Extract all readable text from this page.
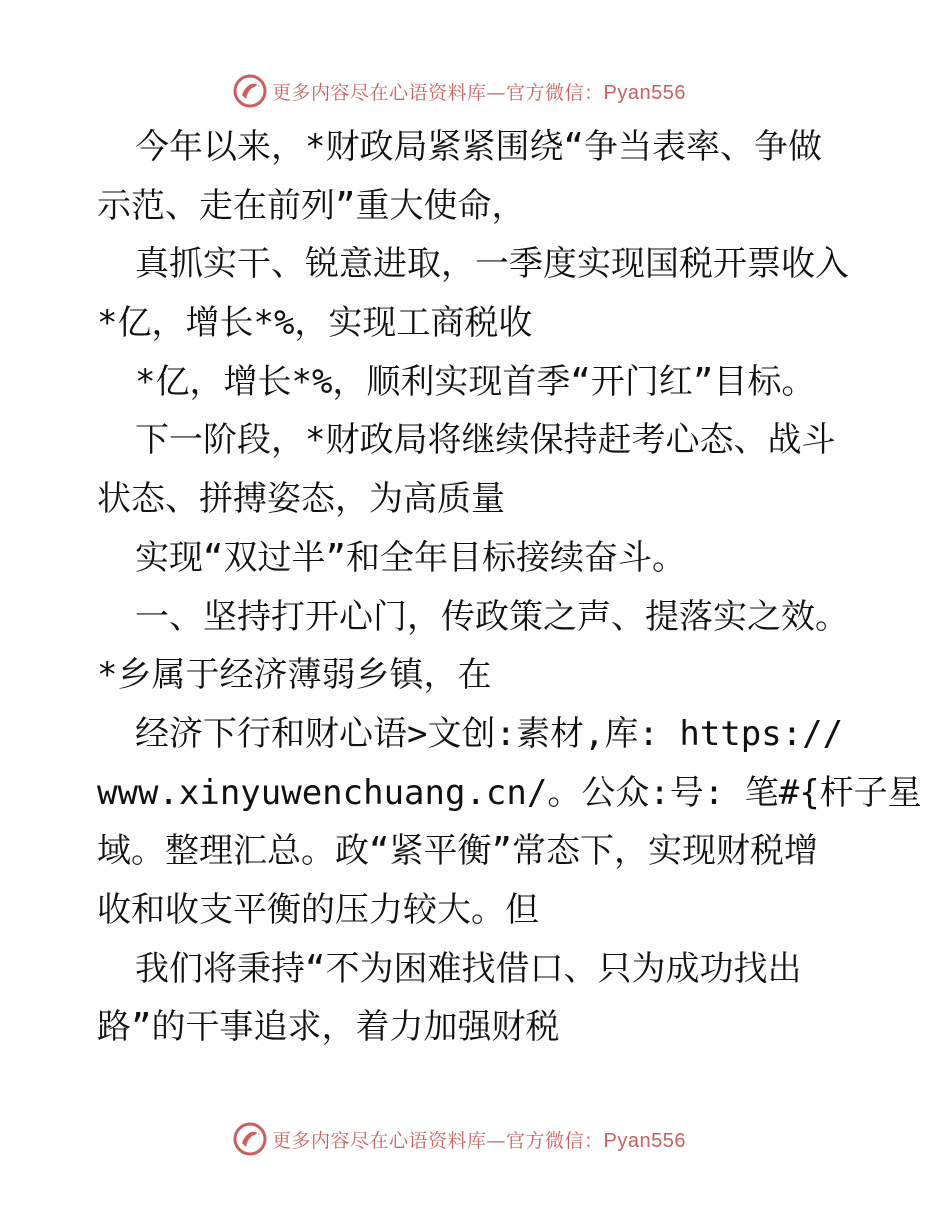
更多内容尽在心语资料库—官方微信：Pyan556
今年以来，*财政局紧紧围绕“争当表率、争做
示范、走在前列”重大使命，
真抓实干、锐意进取，一季度实现国税开票收入
*亿，增长*%，实现工商税收
*亿，增长*%，顺利实现首季“开门红”目标。
下一阶段，*财政局将继续保持赶考心态、战斗
状态、拼搏姿态，为高质量
实现“双过半”和全年目标接续奋斗。
一、坚持打开心门，传政策之声、提落实之效。
*乡属于经济薄弱乡镇，在
经济下行和财心语>文创:素材,库: https://
www.xinyuwenchuang.cn/。公众:号: 笔#{杆子星
域。整理汇总。政“紧平衡”常态下，实现财税增
收和收支平衡的压力较大。但
我们将秉持“不为困难找借口、只为成功找出
路”的干事追求，着力加强财税
更多内容尽在心语资料库—官方微信：Pyan556
